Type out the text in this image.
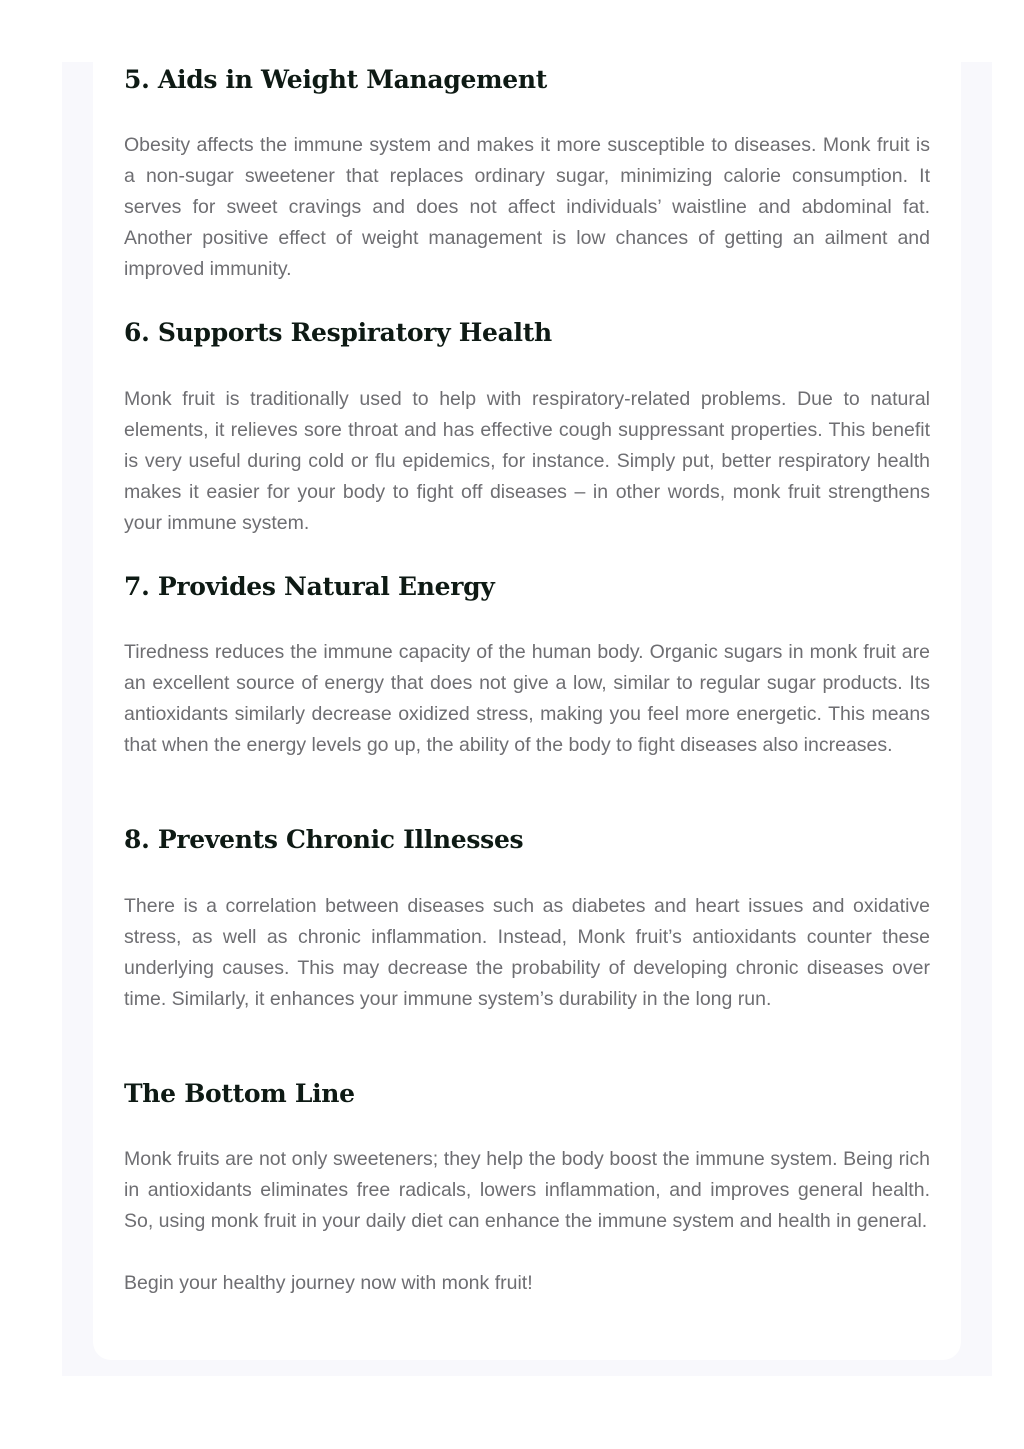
5. Aids in Weight Management

Obesity affects the immune system and makes it more susceptible to diseases. Monk fruit is a non-sugar sweetener that replaces ordinary sugar, minimizing calorie consumption. It serves for sweet cravings and does not affect individuals’ waistline and abdominal fat. Another positive effect of weight management is low chances of getting an ailment and improved immunity.

6. Supports Respiratory Health

Monk fruit is traditionally used to help with respiratory-related problems. Due to natural elements, it relieves sore throat and has effective cough suppressant properties. This benefit is very useful during cold or flu epidemics, for instance. Simply put, better respiratory health makes it easier for your body to fight off diseases – in other words, monk fruit strengthens your immune system.

7. Provides Natural Energy

Tiredness reduces the immune capacity of the human body. Organic sugars in monk fruit are an excellent source of energy that does not give a low, similar to regular sugar products. Its antioxidants similarly decrease oxidized stress, making you feel more energetic. This means that when the energy levels go up, the ability of the body to fight diseases also increases.

8. Prevents Chronic Illnesses

There is a correlation between diseases such as diabetes and heart issues and oxidative stress, as well as chronic inflammation. Instead, Monk fruit’s antioxidants counter these underlying causes. This may decrease the probability of developing chronic diseases over time. Similarly, it enhances your immune system’s durability in the long run.

The Bottom Line

Monk fruits are not only sweeteners; they help the body boost the immune system. Being rich in antioxidants eliminates free radicals, lowers inflammation, and improves general health. So, using monk fruit in your daily diet can enhance the immune system and health in general.

Begin your healthy journey now with monk fruit!
